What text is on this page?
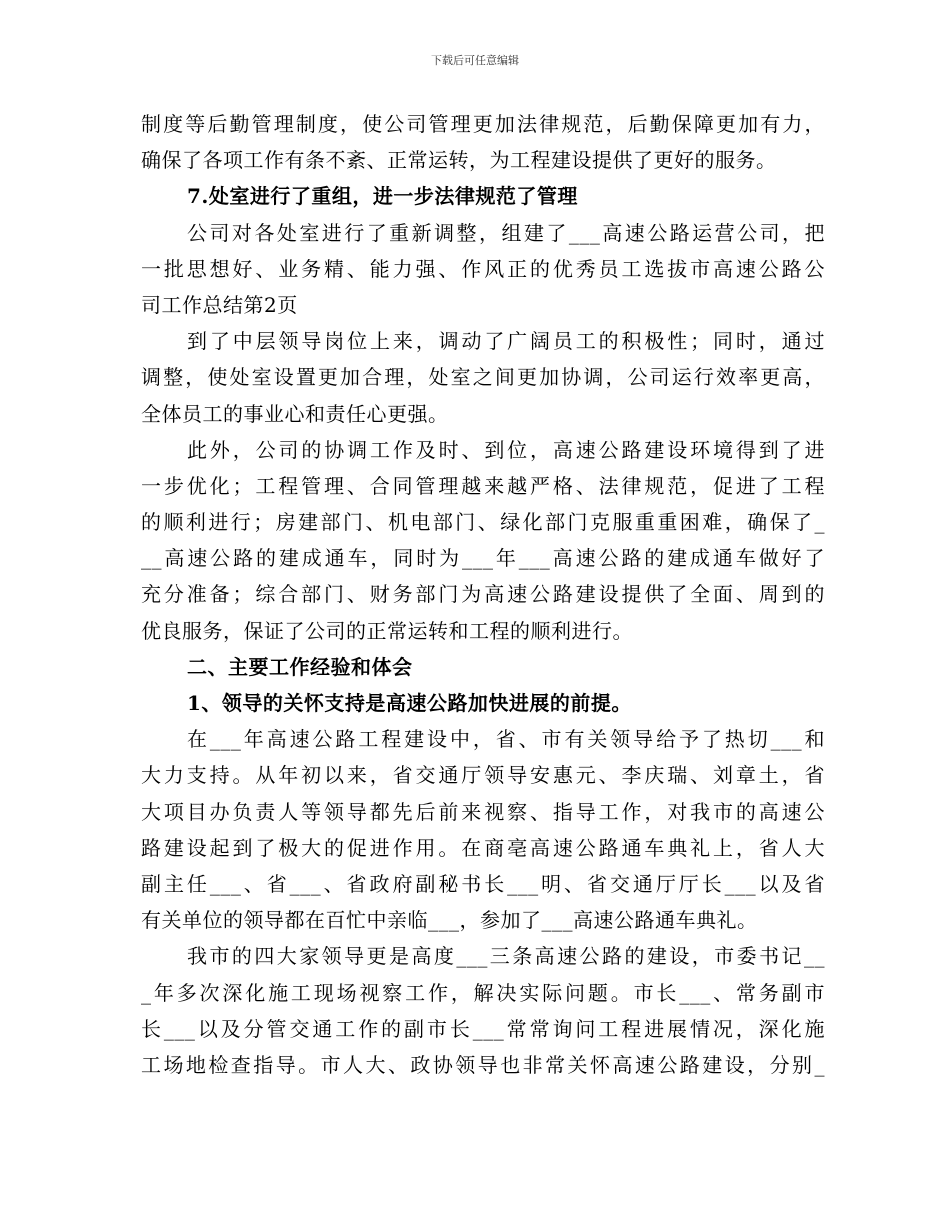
下载后可任意编辑
制度等后勤管理制度，使公司管理更加法律规范，后勤保障更加有力，
确保了各项工作有条不紊、正常运转，为工程建设提供了更好的服务。
7.处室进行了重组，进一步法律规范了管理
公司对各处室进行了重新调整，组建了___高速公路运营公司，把
一批思想好、业务精、能力强、作风正的优秀员工选拔市高速公路公
司工作总结第2页
到了中层领导岗位上来，调动了广阔员工的积极性；同时，通过
调整，使处室设置更加合理，处室之间更加协调，公司运行效率更高，
全体员工的事业心和责任心更强。
此外，公司的协调工作及时、到位，高速公路建设环境得到了进
一步优化；工程管理、合同管理越来越严格、法律规范，促进了工程
的顺利进行；房建部门、机电部门、绿化部门克服重重困难，确保了_
__高速公路的建成通车，同时为___年___高速公路的建成通车做好了
充分准备；综合部门、财务部门为高速公路建设提供了全面、周到的
优良服务，保证了公司的正常运转和工程的顺利进行。
二、主要工作经验和体会
1、领导的关怀支持是高速公路加快进展的前提。
在___年高速公路工程建设中，省、市有关领导给予了热切___和
大力支持。从年初以来，省交通厅领导安惠元、李庆瑞、刘章土，省
大项目办负责人等领导都先后前来视察、指导工作，对我市的高速公
路建设起到了极大的促进作用。在商亳高速公路通车典礼上，省人大
副主任___、省___、省政府副秘书长___明、省交通厅厅长___以及省
有关单位的领导都在百忙中亲临___，参加了___高速公路通车典礼。
我市的四大家领导更是高度___三条高速公路的建设，市委书记__
_年多次深化施工现场视察工作，解决实际问题。市长___、常务副市
长___以及分管交通工作的副市长___常常询问工程进展情况，深化施
工场地检查指导。市人大、政协领导也非常关怀高速公路建设，分别_
